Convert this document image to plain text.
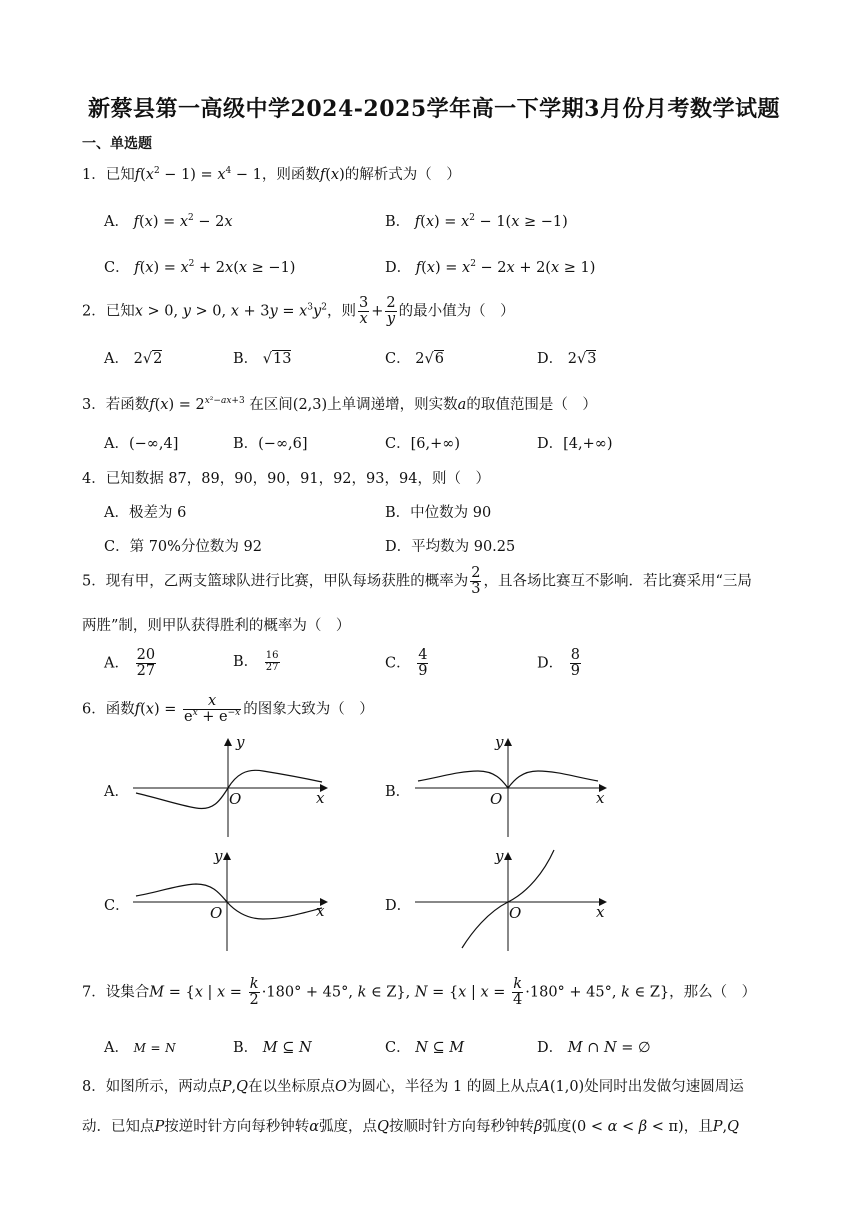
新蔡县第一高级中学2024-2025学年高一下学期3月份月考数学试题
一、单选题
1．已知$f(x^2 - 1) = x^4 - 1$，则函数f(x)的解析式为（　）
A． $f(x) = x^2 - 2x$	B． $f(x) = x^2 - 1(x \ge -1)$
C． $f(x) = x^2 + 2x(x \ge -1)$	D． $f(x) = x^2 - 2x + 2(x \ge 1)$
2．已知x > 0, y > 0, $x + 3y = x^3y^2$，则 $\frac{3}{x} + \frac{2}{y}$ 的最小值为（　）
A． 2√2	B． √13	C． 2√6	D． 2√3
3．若函数$f(x) = 2^{x^2-ax+3}$ 在区间(2,3)上单调递增，则实数a的取值范围是（　）
A．(−∞,4]	B．(−∞,6]	C．[6,+∞)	D．[4,+∞)
4．已知数据 87，89，90，90，91，92，93，94，则（　）
A．极差为 6	B．中位数为 90
C．第 70%分位数为 92	D．平均数为 90.25
5．现有甲，乙两支篮球队进行比赛，甲队每场获胜的概率为 $\frac{2}{3}$ ，且各场比赛互不影响．若比赛采用“三局
两胜”制，则甲队获得胜利的概率为（　）
A． $\frac{20}{27}$	B． $\frac{16}{27}$	C． $\frac{4}{9}$	D． $\frac{8}{9}$
6．函数$f(x) = \frac{x}{e^x + e^{-x}}$ 的图象大致为（　）
A．
y
x
O	B．
y
x
O
C．
y
x
O	D．
y
x
O
7．设集合M = {x | $x = \frac{k}{2} \cdot 180^\circ + 45^\circ$, k ∈ Z}, N = {x | $x = \frac{k}{4} \cdot 180^\circ + 45^\circ$, k ∈ Z}，那么（　）
A． M = N	B． M ⊆ N	C． N ⊆ M	D． M ∩ N = ∅
8．如图所示，两动点P,Q在以坐标原点O为圆心，半径为 1 的圆上从点A(1,0)处同时出发做匀速圆周运
动．已知点P按逆时针方向每秒钟转α弧度，点Q按顺时针方向每秒钟转β弧度(0 < α < β < π)，且P,Q
